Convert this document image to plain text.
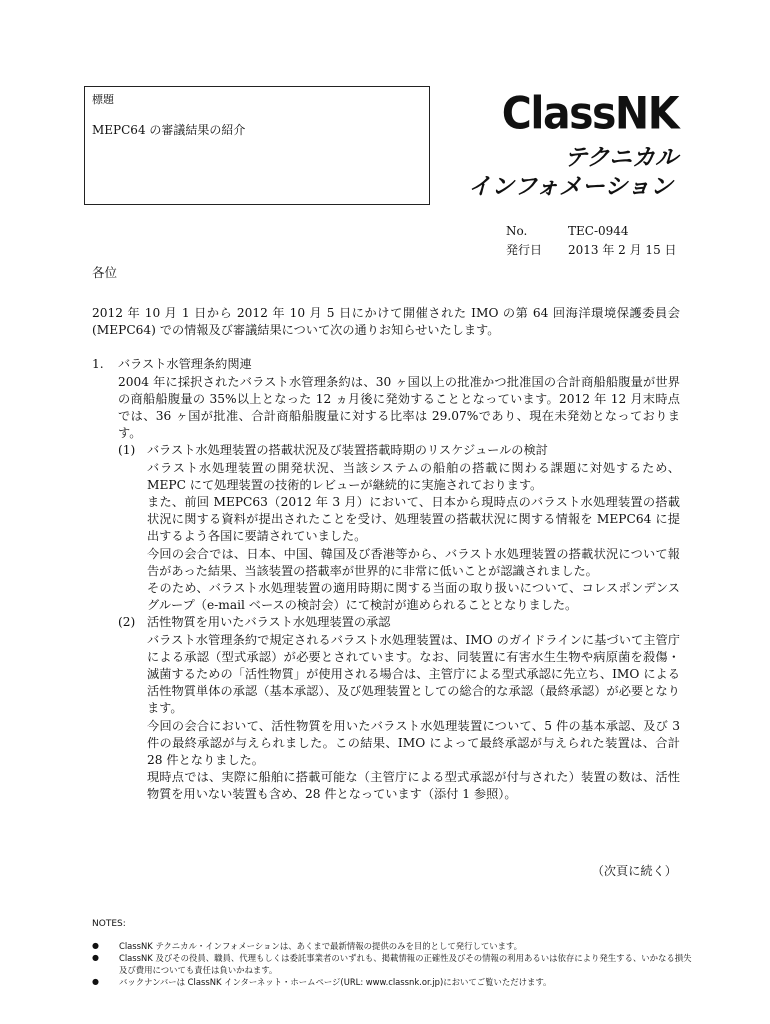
標題
MEPC64 の審議結果の紹介	ClassNK
テクニカル
インフォメーション
No.	TEC-0944
発行日	2013 年 2 月 15 日
各位

2012 年 10 月 1 日から 2012 年 10 月 5 日にかけて開催された IMO の第 64 回海洋環境保護委員会 (MEPC64) での情報及び審議結果について次の通りお知らせいたします。

1.	バラスト水管理条約関連
2004 年に採択されたバラスト水管理条約は、30 ヶ国以上の批准かつ批准国の合計商船船腹量が世界の商船船腹量の 35%以上となった 12 ヵ月後に発効することとなっています。2012 年 12 月末時点では、36 ヶ国が批准、合計商船船腹量に対する比率は 29.07%であり、現在未発効となっております。
(1) バラスト水処理装置の搭載状況及び装置搭載時期のリスケジュールの検討
バラスト水処理装置の開発状況、当該システムの船舶の搭載に関わる課題に対処するため、MEPC にて処理装置の技術的レビューが継続的に実施されております。
また、前回 MEPC63（2012 年 3 月）において、日本から現時点のバラスト水処理装置の搭載状況に関する資料が提出されたことを受け、処理装置の搭載状況に関する情報を MEPC64 に提出するよう各国に要請されていました。
今回の会合では、日本、中国、韓国及び香港等から、バラスト水処理装置の搭載状況について報告があった結果、当該装置の搭載率が世界的に非常に低いことが認識されました。
そのため、バラスト水処理装置の適用時期に関する当面の取り扱いについて、コレスポンデンスグループ（e-mail ベースの検討会）にて検討が進められることとなりました。
(2) 活性物質を用いたバラスト水処理装置の承認
バラスト水管理条約で規定されるバラスト水処理装置は、IMO のガイドラインに基づいて主管庁による承認（型式承認）が必要とされています。なお、同装置に有害水生生物や病原菌を殺傷・滅菌するための「活性物質」が使用される場合は、主管庁による型式承認に先立ち、IMO による活性物質単体の承認（基本承認）、及び処理装置としての総合的な承認（最終承認）が必要となります。
今回の会合において、活性物質を用いたバラスト水処理装置について、5 件の基本承認、及び 3 件の最終承認が与えられました。この結果、IMO によって最終承認が与えられた装置は、合計 28 件となりました。
現時点では、実際に船舶に搭載可能な（主管庁による型式承認が付与された）装置の数は、活性物質を用いない装置も含め、28 件となっています（添付 1 参照）。
（次頁に続く）
NOTES:
●	ClassNK テクニカル・インフォメーションは、あくまで最新情報の提供のみを目的として発行しています。
●	ClassNK 及びその役員、職員、代理もしくは委託事業者のいずれも、掲載情報の正確性及びその情報の利用あるいは依存により発生する、いかなる損失及び費用についても責任は負いかねます。
●	バックナンバーは ClassNK インターネット・ホームページ(URL: www.classnk.or.jp)においてご覧いただけます。
